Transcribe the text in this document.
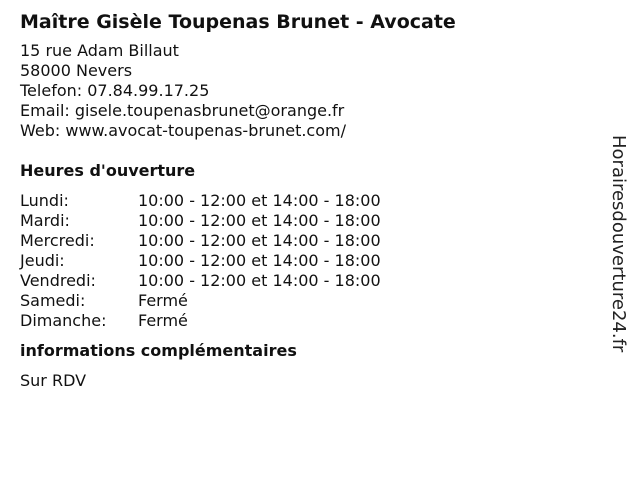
Maître Gisèle Toupenas Brunet - Avocate
15 rue Adam Billaut
58000 Nevers
Telefon: 07.84.99.17.25
Email: gisele.toupenasbrunet@orange.fr
Web: www.avocat-toupenas-brunet.com/
Heures d'ouverture
Lundi:	10:00 - 12:00 et 14:00 - 18:00
Mardi:	10:00 - 12:00 et 14:00 - 18:00
Mercredi:	10:00 - 12:00 et 14:00 - 18:00
Jeudi:	10:00 - 12:00 et 14:00 - 18:00
Vendredi:	10:00 - 12:00 et 14:00 - 18:00
Samedi:	Fermé
Dimanche:	Fermé
informations complémentaires
Sur RDV
Horairesdouverture24.fr
